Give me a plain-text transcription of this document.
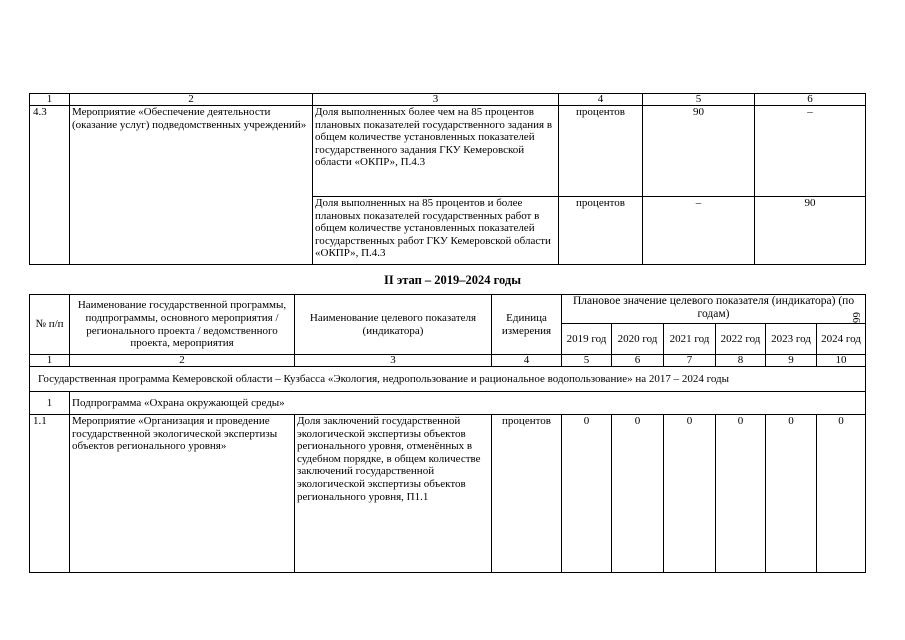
1	2	3	4	5	6
4.3	Мероприятие «Обеспечение деятельности (оказание услуг) подведомственных учреждений»	Доля выполненных более чем на 85 процентов плановых показателей государственного задания в общем количестве установленных показателей государственного задания ГКУ Кемеровской области «ОКПР», П.4.3	процентов	90	–
		Доля выполненных на 85 процентов и более плановых показателей государственных работ в общем количестве установленных показателей государственных работ ГКУ Кемеровской области «ОКПР», П.4.3	процентов	–	90
II этап – 2019–2024 годы
66
№ п/п	Наименование государственной программы, подпрограммы, основного мероприятия / регионального проекта / ведомственного проекта, мероприятия	Наименование целевого показателя (индикатора)	Единица измерения	Плановое значение целевого показателя (индикатора) (по годам)					
				2019 год	2020 год	2021 год	2022 год	2023 год	2024 год
1	2	3	4	5	6	7	8	9	10
Государственная программа Кемеровской области – Кузбасса «Экология, недропользование и рациональное водопользование» на 2017 – 2024 годы									
1	Подпрограмма «Охрана окружающей среды»								
1.1	Мероприятие «Организация и проведение государственной экологической экспертизы объектов регионального уровня»	Доля заключений государственной экологической экспертизы объектов регионального уровня, отменённых в судебном порядке, в общем количестве заключений государственной экологической экспертизы объектов регионального уровня, П1.1	процентов	0	0	0	0	0	0
